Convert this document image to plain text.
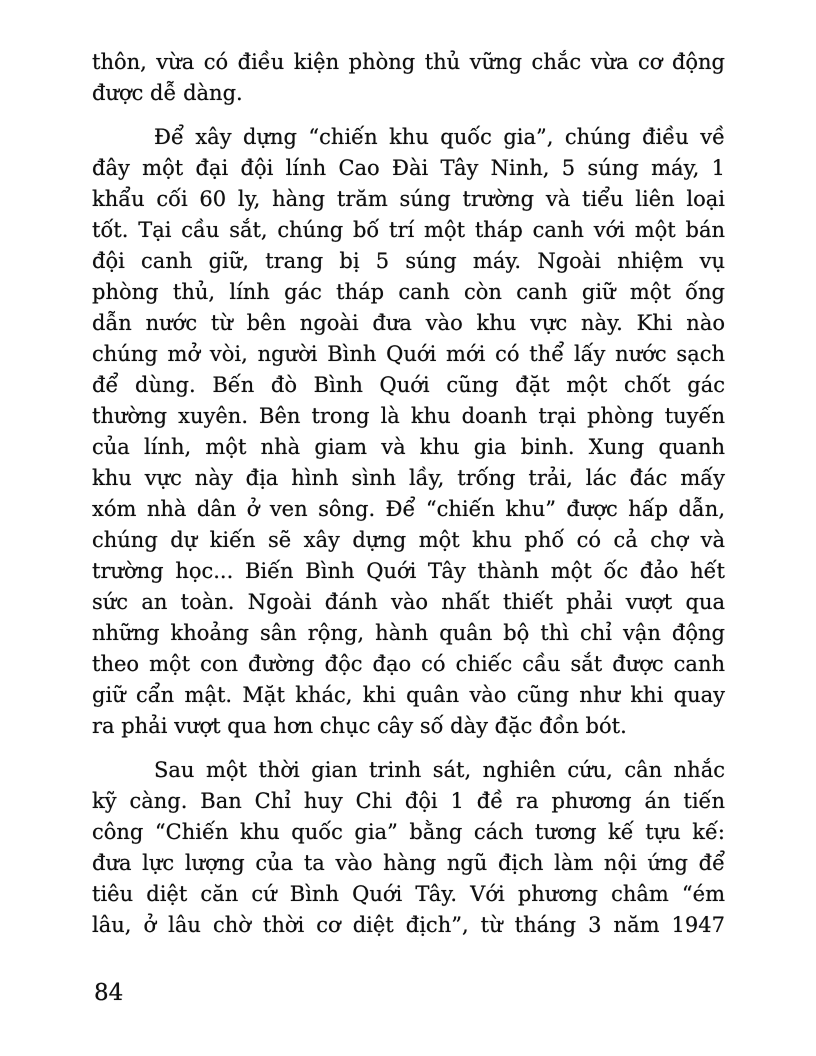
thôn, vừa có điều kiện phòng thủ vững chắc vừa cơ động
được dễ dàng.
Để xây dựng “chiến khu quốc gia”, chúng điều về
đây một đại đội lính Cao Đài Tây Ninh, 5 súng máy, 1
khẩu cối 60 ly, hàng trăm súng trường và tiểu liên loại
tốt. Tại cầu sắt, chúng bố trí một tháp canh với một bán
đội canh giữ, trang bị 5 súng máy. Ngoài nhiệm vụ
phòng thủ, lính gác tháp canh còn canh giữ một ống
dẫn nước từ bên ngoài đưa vào khu vực này. Khi nào
chúng mở vòi, người Bình Quới mới có thể lấy nước sạch
để dùng. Bến đò Bình Quới cũng đặt một chốt gác
thường xuyên. Bên trong là khu doanh trại phòng tuyến
của lính, một nhà giam và khu gia binh. Xung quanh
khu vực này địa hình sình lầy, trống trải, lác đác mấy
xóm nhà dân ở ven sông. Để “chiến khu” được hấp dẫn,
chúng dự kiến sẽ xây dựng một khu phố có cả chợ và
trường học... Biến Bình Quới Tây thành một ốc đảo hết
sức an toàn. Ngoài đánh vào nhất thiết phải vượt qua
những khoảng sân rộng, hành quân bộ thì chỉ vận động
theo một con đường độc đạo có chiếc cầu sắt được canh
giữ cẩn mật. Mặt khác, khi quân vào cũng như khi quay
ra phải vượt qua hơn chục cây số dày đặc đồn bót.
Sau một thời gian trinh sát, nghiên cứu, cân nhắc
kỹ càng. Ban Chỉ huy Chi đội 1 đề ra phương án tiến
công “Chiến khu quốc gia” bằng cách tương kế tựu kế:
đưa lực lượng của ta vào hàng ngũ địch làm nội ứng để
tiêu diệt căn cứ Bình Quới Tây. Với phương châm “ém
lâu, ở lâu chờ thời cơ diệt địch”, từ tháng 3 năm 1947
84
